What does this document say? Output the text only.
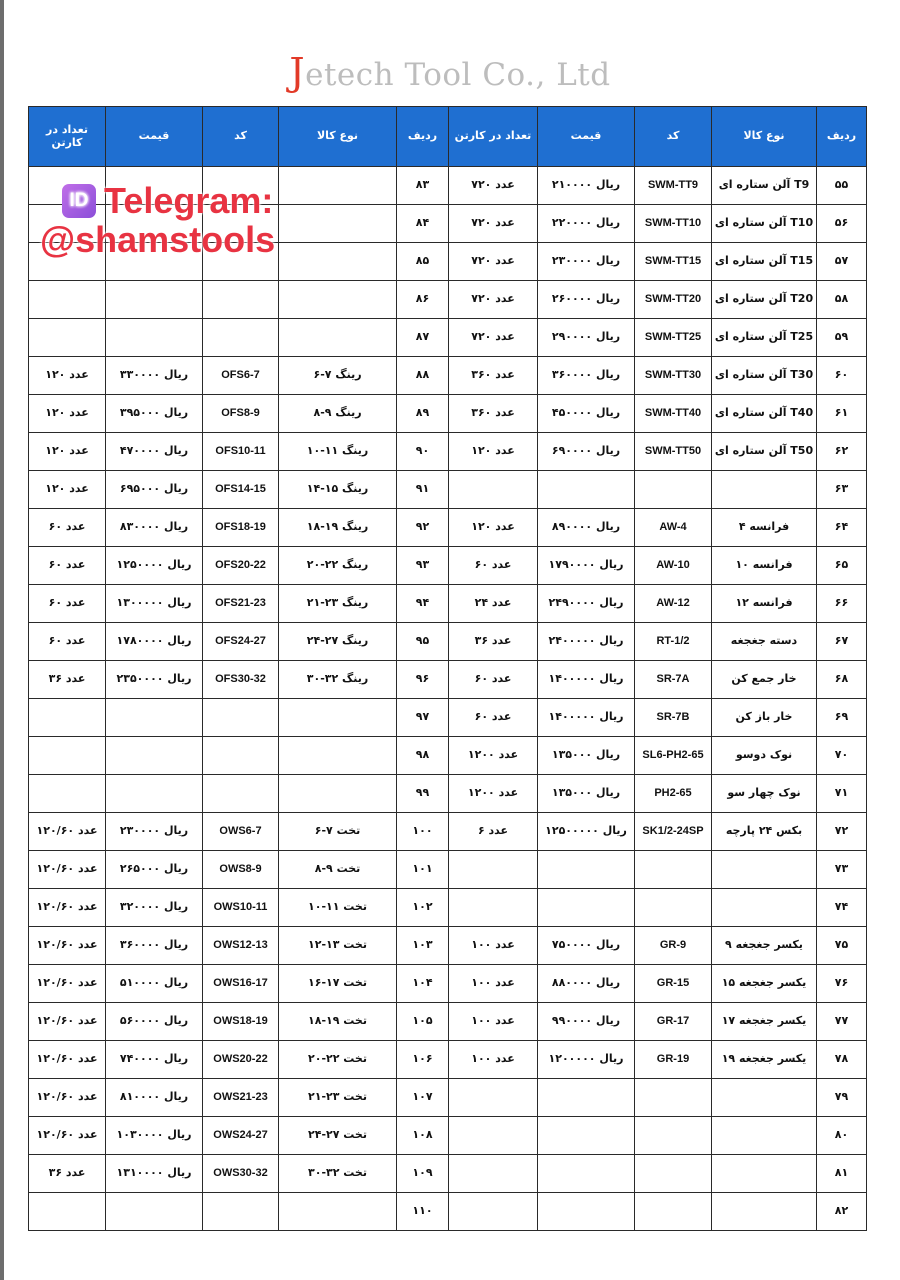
Jetech Tool Co., Ltd
تعداد در کارتن	قیمت	کد	نوع کالا	ردیف	تعداد در کارتن	قیمت	کد	نوع کالا	ردیف
				۸۳	۷۲۰ عدد	۲۱۰۰۰۰ ریال	SWM-TT9	آلن ستاره ای T9	۵۵
				۸۴	۷۲۰ عدد	۲۲۰۰۰۰ ریال	SWM-TT10	آلن ستاره ای T10	۵۶
				۸۵	۷۲۰ عدد	۲۳۰۰۰۰ ریال	SWM-TT15	آلن ستاره ای T15	۵۷
				۸۶	۷۲۰ عدد	۲۶۰۰۰۰ ریال	SWM-TT20	آلن ستاره ای T20	۵۸
				۸۷	۷۲۰ عدد	۲۹۰۰۰۰ ریال	SWM-TT25	آلن ستاره ای T25	۵۹
۱۲۰ عدد	۳۳۰۰۰۰ ریال	OFS6-7	رینگ ۷-۶	۸۸	۳۶۰ عدد	۳۶۰۰۰۰ ریال	SWM-TT30	آلن ستاره ای T30	۶۰
۱۲۰ عدد	۳۹۵۰۰۰ ریال	OFS8-9	رینگ ۹-۸	۸۹	۳۶۰ عدد	۴۵۰۰۰۰ ریال	SWM-TT40	آلن ستاره ای T40	۶۱
۱۲۰ عدد	۴۷۰۰۰۰ ریال	OFS10-11	رینگ ۱۱-۱۰	۹۰	۱۲۰ عدد	۶۹۰۰۰۰ ریال	SWM-TT50	آلن ستاره ای T50	۶۲
۱۲۰ عدد	۶۹۵۰۰۰ ریال	OFS14-15	رینگ ۱۵-۱۴	۹۱					۶۳
۶۰ عدد	۸۳۰۰۰۰ ریال	OFS18-19	رینگ ۱۹-۱۸	۹۲	۱۲۰ عدد	۸۹۰۰۰۰ ریال	AW-4	فرانسه ۴	۶۴
۶۰ عدد	۱۲۵۰۰۰۰ ریال	OFS20-22	رینگ ۲۲-۲۰	۹۳	۶۰ عدد	۱۷۹۰۰۰۰ ریال	AW-10	فرانسه ۱۰	۶۵
۶۰ عدد	۱۳۰۰۰۰۰ ریال	OFS21-23	رینگ ۲۳-۲۱	۹۴	۲۴ عدد	۲۴۹۰۰۰۰ ریال	AW-12	فرانسه ۱۲	۶۶
۶۰ عدد	۱۷۸۰۰۰۰ ریال	OFS24-27	رینگ ۲۷-۲۴	۹۵	۳۶ عدد	۲۴۰۰۰۰۰ ریال	RT-1/2	دسته جغجغه	۶۷
۳۶ عدد	۲۳۵۰۰۰۰ ریال	OFS30-32	رینگ ۳۲-۳۰	۹۶	۶۰ عدد	۱۴۰۰۰۰۰ ریال	SR-7A	خار جمع کن	۶۸
				۹۷	۶۰ عدد	۱۴۰۰۰۰۰ ریال	SR-7B	خار باز کن	۶۹
				۹۸	۱۲۰۰ عدد	۱۳۵۰۰۰ ریال	SL6-PH2-65	نوک دوسو	۷۰
				۹۹	۱۲۰۰ عدد	۱۳۵۰۰۰ ریال	PH2-65	نوک چهار سو	۷۱
۱۲۰/۶۰ عدد	۲۳۰۰۰۰ ریال	OWS6-7	تخت ۷-۶	۱۰۰	۶ عدد	۱۲۵۰۰۰۰۰ ریال	SK1/2-24SP	بکس ۲۴ پارچه	۷۲
۱۲۰/۶۰ عدد	۲۶۵۰۰۰ ریال	OWS8-9	تخت ۹-۸	۱۰۱					۷۳
۱۲۰/۶۰ عدد	۳۲۰۰۰۰ ریال	OWS10-11	تخت ۱۱-۱۰	۱۰۲					۷۴
۱۲۰/۶۰ عدد	۳۶۰۰۰۰ ریال	OWS12-13	تخت ۱۳-۱۲	۱۰۳	۱۰۰ عدد	۷۵۰۰۰۰ ریال	GR-9	یکسر جغجغه ۹	۷۵
۱۲۰/۶۰ عدد	۵۱۰۰۰۰ ریال	OWS16-17	تخت ۱۷-۱۶	۱۰۴	۱۰۰ عدد	۸۸۰۰۰۰ ریال	GR-15	یکسر جغجغه ۱۵	۷۶
۱۲۰/۶۰ عدد	۵۶۰۰۰۰ ریال	OWS18-19	تخت ۱۹-۱۸	۱۰۵	۱۰۰ عدد	۹۹۰۰۰۰ ریال	GR-17	یکسر جغجغه ۱۷	۷۷
۱۲۰/۶۰ عدد	۷۴۰۰۰۰ ریال	OWS20-22	تخت ۲۲-۲۰	۱۰۶	۱۰۰ عدد	۱۲۰۰۰۰۰ ریال	GR-19	یکسر جغجغه ۱۹	۷۸
۱۲۰/۶۰ عدد	۸۱۰۰۰۰ ریال	OWS21-23	تخت ۲۳-۲۱	۱۰۷					۷۹
۱۲۰/۶۰ عدد	۱۰۳۰۰۰۰ ریال	OWS24-27	تخت ۲۷-۲۴	۱۰۸					۸۰
۳۶ عدد	۱۳۱۰۰۰۰ ریال	OWS30-32	تخت ۳۲-۳۰	۱۰۹					۸۱
				۱۱۰					۸۲
ID Telegram:
@shamstools
